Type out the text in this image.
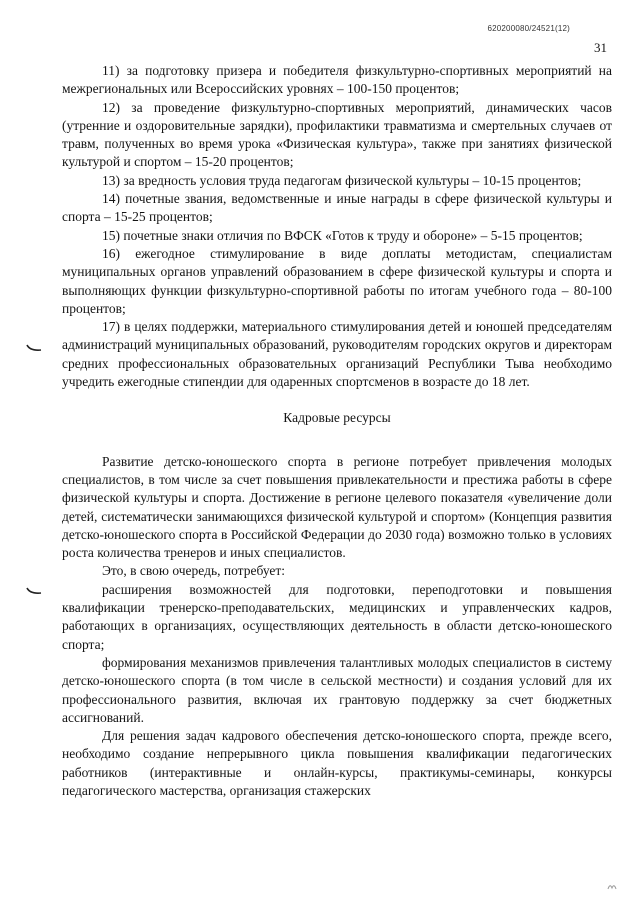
620200080/24521(12)
31

11) за подготовку призера и победителя физкультурно-спортивных мероприятий на межрегиональных или Всероссийских уровнях – 100-150 процентов;

12) за проведение физкультурно-спортивных мероприятий, динамических часов (утренние и оздоровительные зарядки), профилактики травматизма и смертельных случаев от травм, полученных во время урока «Физическая культура», также при занятиях физической культурой и спортом – 15-20 процентов;

13) за вредность условия труда педагогам физической культуры – 10-15 процентов;

14) почетные звания, ведомственные и иные награды в сфере физической культуры и спорта – 15-25 процентов;

15) почетные знаки отличия по ВФСК «Готов к труду и обороне» – 5-15 процентов;

16) ежегодное стимулирование в виде доплаты методистам, специалистам муниципальных органов управлений образованием в сфере физической культуры и спорта и выполняющих функции физкультурно-спортивной работы по итогам учебного года – 80-100 процентов;

17) в целях поддержки, материального стимулирования детей и юношей председателям администраций муниципальных образований, руководителям городских округов и директорам средних профессиональных образовательных организаций Республики Тыва необходимо учредить ежегодные стипендии для одаренных спортсменов в возрасте до 18 лет.

Кадровые ресурсы

Развитие детско-юношеского спорта в регионе потребует привлечения молодых специалистов, в том числе за счет повышения привлекательности и престижа работы в сфере физической культуры и спорта. Достижение в регионе целевого показателя «увеличение доли детей, систематически занимающихся физической культурой и спортом» (Концепция развития детско-юношеского спорта в Российской Федерации до 2030 года) возможно только в условиях роста количества тренеров и иных специалистов.

Это, в свою очередь, потребует:

расширения возможностей для подготовки, переподготовки и повышения квалификации тренерско-преподавательских, медицинских и управленческих кадров, работающих в организациях, осуществляющих деятельность в области детско-юношеского спорта;

формирования механизмов привлечения талантливых молодых специалистов в систему детско-юношеского спорта (в том числе в сельской местности) и создания условий для их профессионального развития, включая их грантовую поддержку за счет бюджетных ассигнований.

Для решения задач кадрового обеспечения детско-юношеского спорта, прежде всего, необходимо создание непрерывного цикла повышения квалификации педагогических работников (интерактивные и онлайн-курсы, практикумы-семинары, конкурсы педагогического мастерства, организация стажерских
